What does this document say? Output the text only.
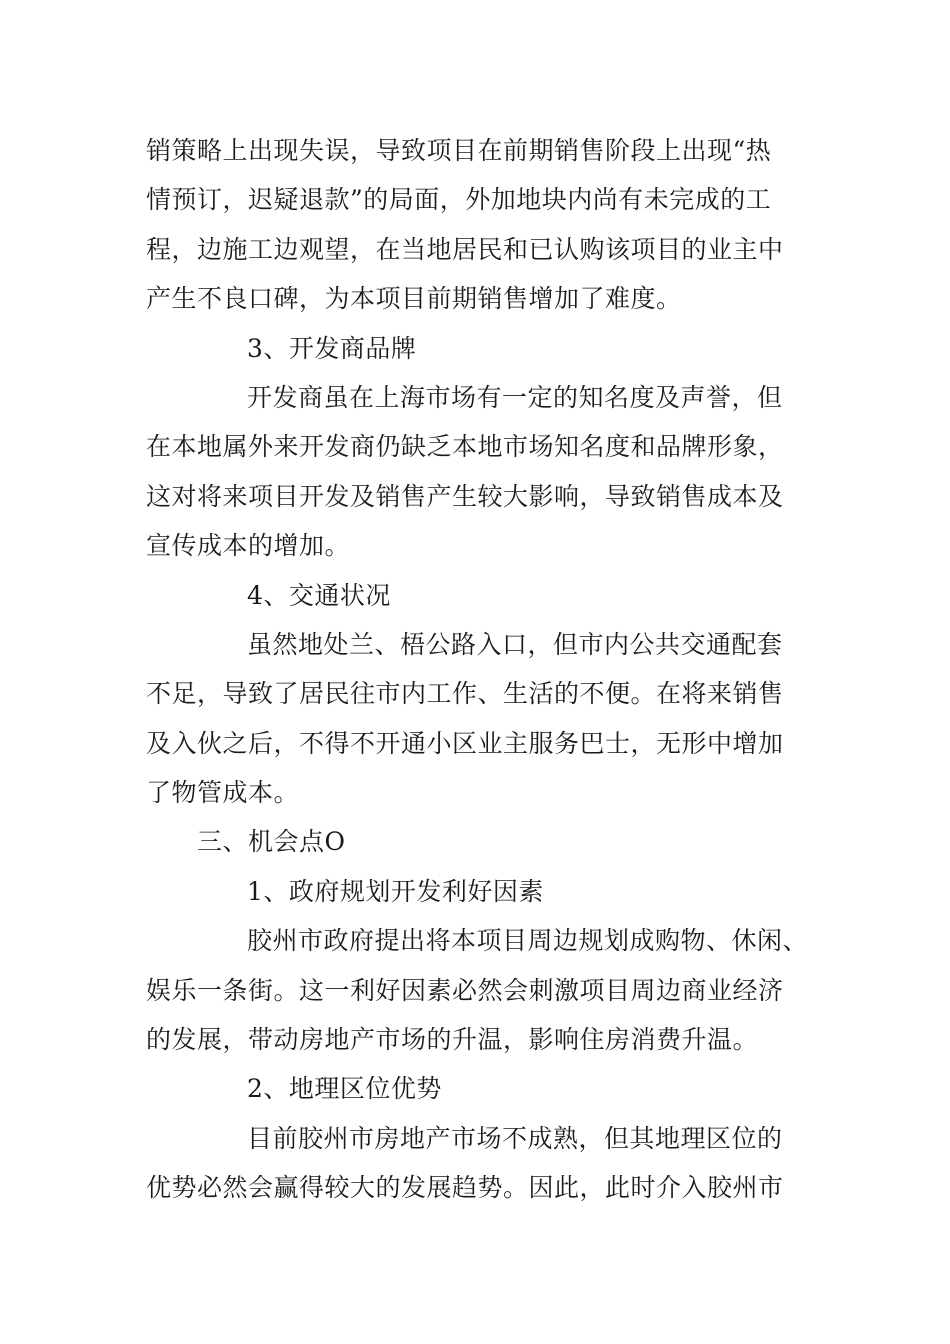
销策略上出现失误，导致项目在前期销售阶段上出现“热
情预订，迟疑退款”的局面，外加地块内尚有未完成的工
程，边施工边观望，在当地居民和已认购该项目的业主中
产生不良口碑，为本项目前期销售增加了难度。
3、开发商品牌
开发商虽在上海市场有一定的知名度及声誉，但
在本地属外来开发商仍缺乏本地市场知名度和品牌形象，
这对将来项目开发及销售产生较大影响，导致销售成本及
宣传成本的增加。
4、交通状况
虽然地处兰、梧公路入口，但市内公共交通配套
不足，导致了居民往市内工作、生活的不便。在将来销售
及入伙之后，不得不开通小区业主服务巴士，无形中增加
了物管成本。
三、机会点O
1、政府规划开发利好因素
胶州市政府提出将本项目周边规划成购物、休闲、
娱乐一条街。这一利好因素必然会刺激项目周边商业经济
的发展，带动房地产市场的升温，影响住房消费升温。
2、地理区位优势
目前胶州市房地产市场不成熟，但其地理区位的
优势必然会赢得较大的发展趋势。因此，此时介入胶州市
